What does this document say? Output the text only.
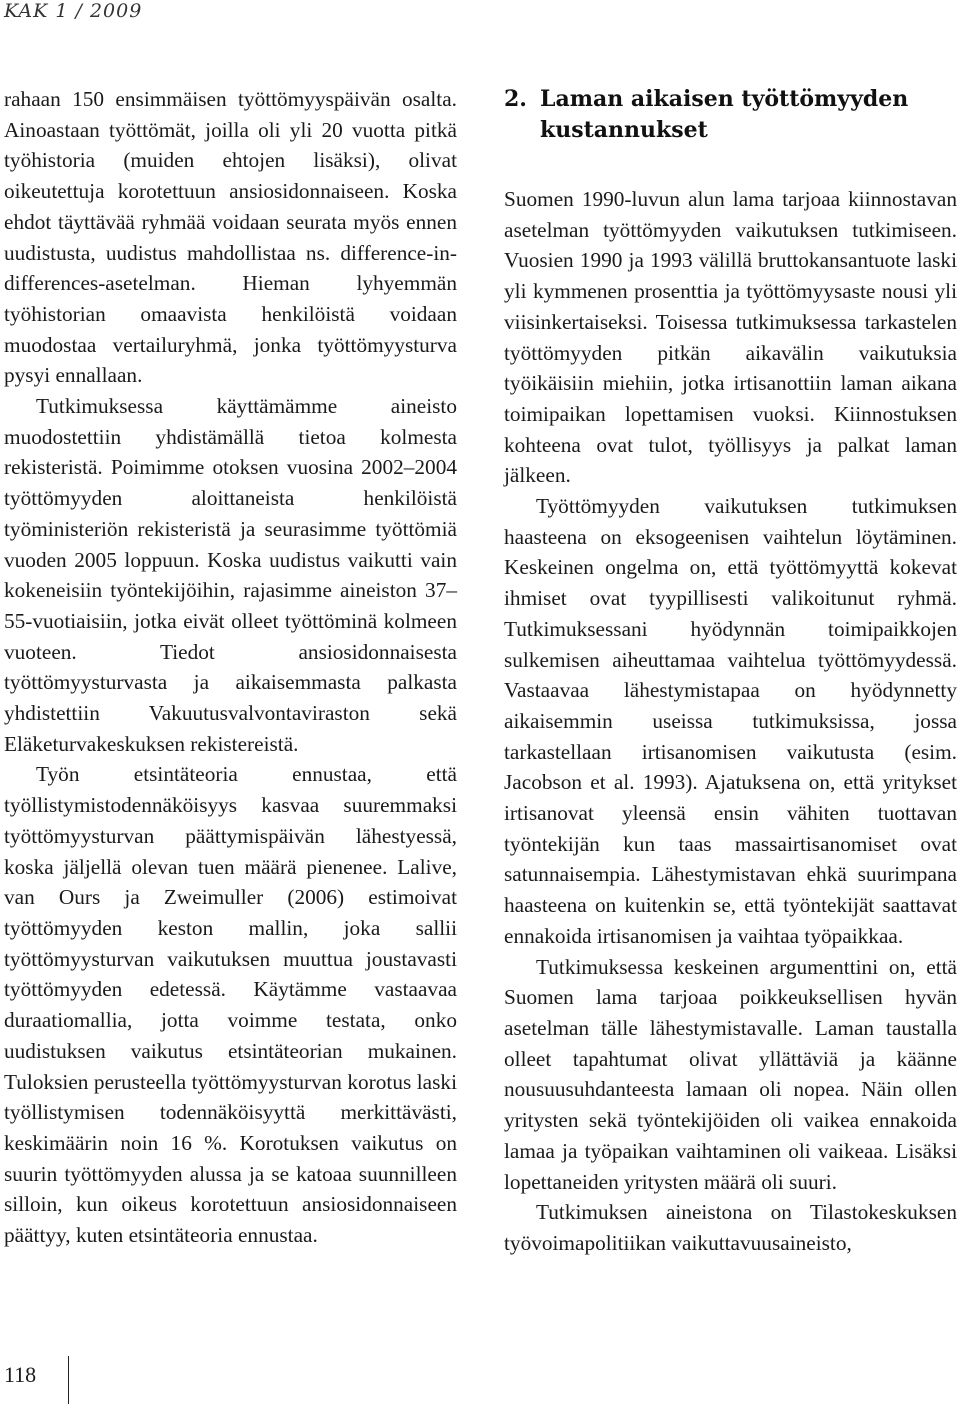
KAK 1 / 2009

rahaan 150 ensimmäisen työttömyyspäivän osalta. Ainoastaan työttömät, joilla oli yli 20 vuotta pitkä työhistoria (muiden ehtojen lisäksi), olivat oikeutettuja korotettuun ansiosidonnaiseen. Koska ehdot täyttävää ryhmää voidaan seurata myös ennen uudistusta, uudistus mahdollistaa ns. difference-in-differences-asetelman. Hieman lyhyemmän työhistorian omaavista henkilöistä voidaan muodostaa vertailuryhmä, jonka työttömyysturva pysyi ennallaan.

Tutkimuksessa käyttämämme aineisto muodostettiin yhdistämällä tietoa kolmesta rekisteristä. Poimimme otoksen vuosina 2002–2004 työttömyyden aloittaneista henkilöistä työministeriön rekisteristä ja seurasimme työttömiä vuoden 2005 loppuun. Koska uudistus vaikutti vain kokeneisiin työntekijöihin, rajasimme aineiston 37–55-vuotiaisiin, jotka eivät olleet työttöminä kolmeen vuoteen. Tiedot ansiosidonnaisesta työttömyysturvasta ja aikaisemmasta palkasta yhdistettiin Vakuutusvalvontaviraston sekä Eläketurvakeskuksen rekistereistä.

Työn etsintäteoria ennustaa, että työllistymistodennäköisyys kasvaa suuremmaksi työttömyysturvan päättymispäivän lähestyessä, koska jäljellä olevan tuen määrä pienenee. Lalive, van Ours ja Zweimuller (2006) estimoivat työttömyyden keston mallin, joka sallii työttömyysturvan vaikutuksen muuttua joustavasti työttömyyden edetessä. Käytämme vastaavaa duraatiomallia, jotta voimme testata, onko uudistuksen vaikutus etsintäteorian mukainen. Tuloksien perusteella työttömyysturvan korotus laski työllistymisen todennäköisyyttä merkittävästi, keskimäärin noin 16 %. Korotuksen vaikutus on suurin työttömyyden alussa ja se katoaa suunnilleen silloin, kun oikeus korotettuun ansiosidonnaiseen päättyy, kuten etsintäteoria ennustaa.

2. Laman aikaisen työttömyyden
kustannukset

Suomen 1990-luvun alun lama tarjoaa kiinnostavan asetelman työttömyyden vaikutuksen tutkimiseen. Vuosien 1990 ja 1993 välillä bruttokansantuote laski yli kymmenen prosenttia ja työttömyysaste nousi yli viisinkertaiseksi. Toisessa tutkimuksessa tarkastelen työttömyyden pitkän aikavälin vaikutuksia työikäisiin miehiin, jotka irtisanottiin laman aikana toimipaikan lopettamisen vuoksi. Kiinnostuksen kohteena ovat tulot, työllisyys ja palkat laman jälkeen.

Työttömyyden vaikutuksen tutkimuksen haasteena on eksogeenisen vaihtelun löytäminen. Keskeinen ongelma on, että työttömyyttä kokevat ihmiset ovat tyypillisesti valikoitunut ryhmä. Tutkimuksessani hyödynnän toimipaikkojen sulkemisen aiheuttamaa vaihtelua työttömyydessä. Vastaavaa lähestymistapaa on hyödynnetty aikaisemmin useissa tutkimuksissa, jossa tarkastellaan irtisanomisen vaikutusta (esim. Jacobson et al. 1993). Ajatuksena on, että yritykset irtisanovat yleensä ensin vähiten tuottavan työntekijän kun taas massairtisanomiset ovat satunnaisempia. Lähestymistavan ehkä suurimpana haasteena on kuitenkin se, että työntekijät saattavat ennakoida irtisanomisen ja vaihtaa työpaikkaa.

Tutkimuksessa keskeinen argumenttini on, että Suomen lama tarjoaa poikkeuksellisen hyvän asetelman tälle lähestymistavalle. Laman taustalla olleet tapahtumat olivat yllättäviä ja käänne nousuusuhdanteesta lamaan oli nopea. Näin ollen yritysten sekä työntekijöiden oli vaikea ennakoida lamaa ja työpaikan vaihtaminen oli vaikeaa. Lisäksi lopettaneiden yritysten määrä oli suuri.

Tutkimuksen aineistona on Tilastokeskuksen työvoimapolitiikan vaikuttavuusaineisto,

118
